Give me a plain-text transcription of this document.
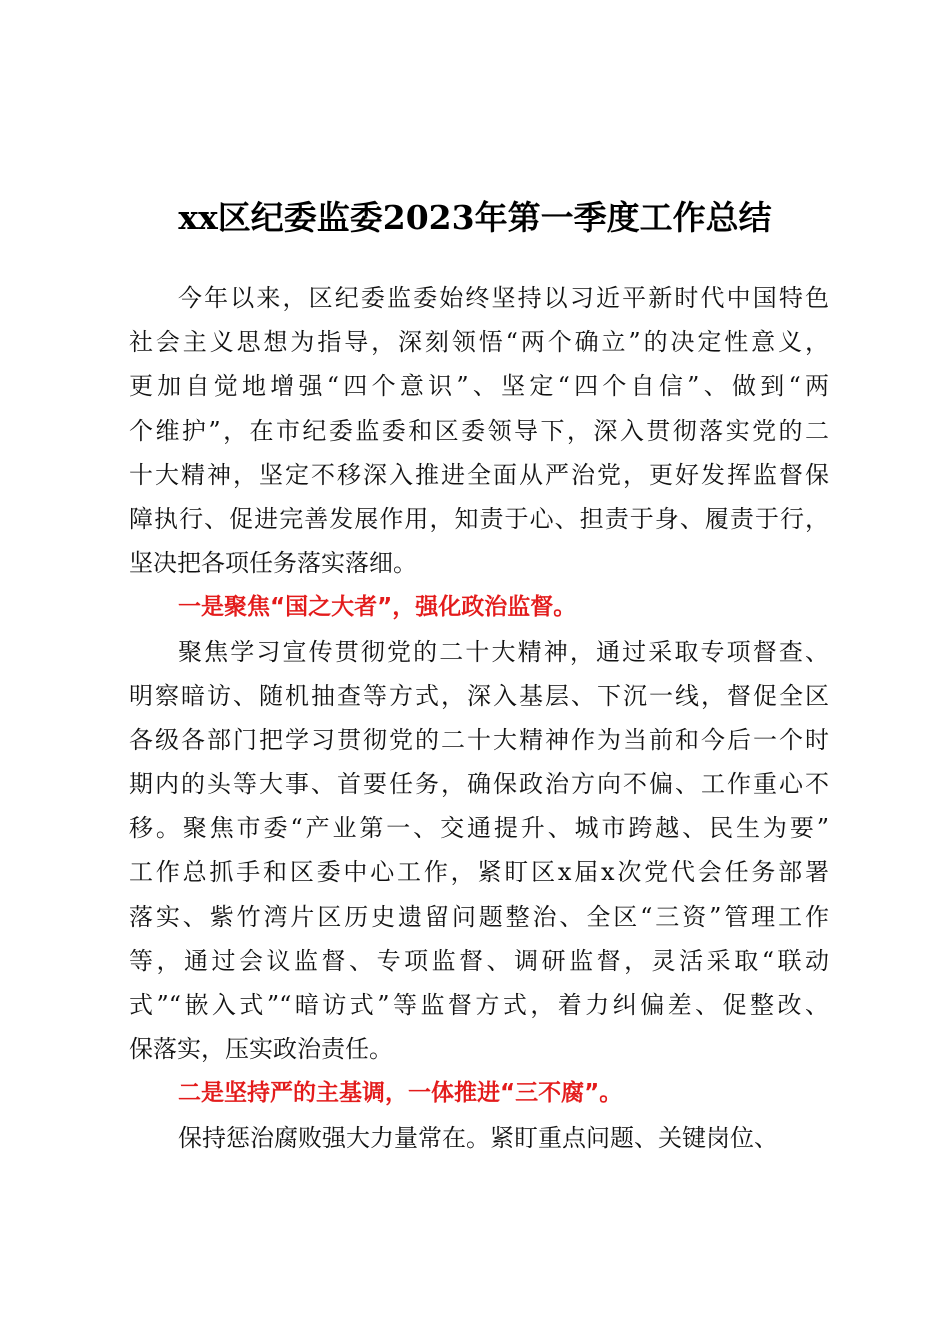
xx区纪委监委2023年第一季度工作总结
今年以来，区纪委监委始终坚持以习近平新时代中国特色
社会主义思想为指导，深刻领悟“两个确立”的决定性意义，
更加自觉地增强“四个意识”、坚定“四个自信”、做到“两
个维护”，在市纪委监委和区委领导下，深入贯彻落实党的二
十大精神，坚定不移深入推进全面从严治党，更好发挥监督保
障执行、促进完善发展作用，知责于心、担责于身、履责于行，
坚决把各项任务落实落细。
一是聚焦“国之大者”，强化政治监督。
聚焦学习宣传贯彻党的二十大精神，通过采取专项督查、
明察暗访、随机抽查等方式，深入基层、下沉一线，督促全区
各级各部门把学习贯彻党的二十大精神作为当前和今后一个时
期内的头等大事、首要任务，确保政治方向不偏、工作重心不
移。聚焦市委“产业第一、交通提升、城市跨越、民生为要”
工作总抓手和区委中心工作，紧盯区x届x次党代会任务部署
落实、紫竹湾片区历史遗留问题整治、全区“三资”管理工作
等，通过会议监督、专项监督、调研监督，灵活采取“联动
式”“嵌入式”“暗访式”等监督方式，着力纠偏差、促整改、
保落实，压实政治责任。
二是坚持严的主基调，一体推进“三不腐”。
保持惩治腐败强大力量常在。紧盯重点问题、关键岗位、
